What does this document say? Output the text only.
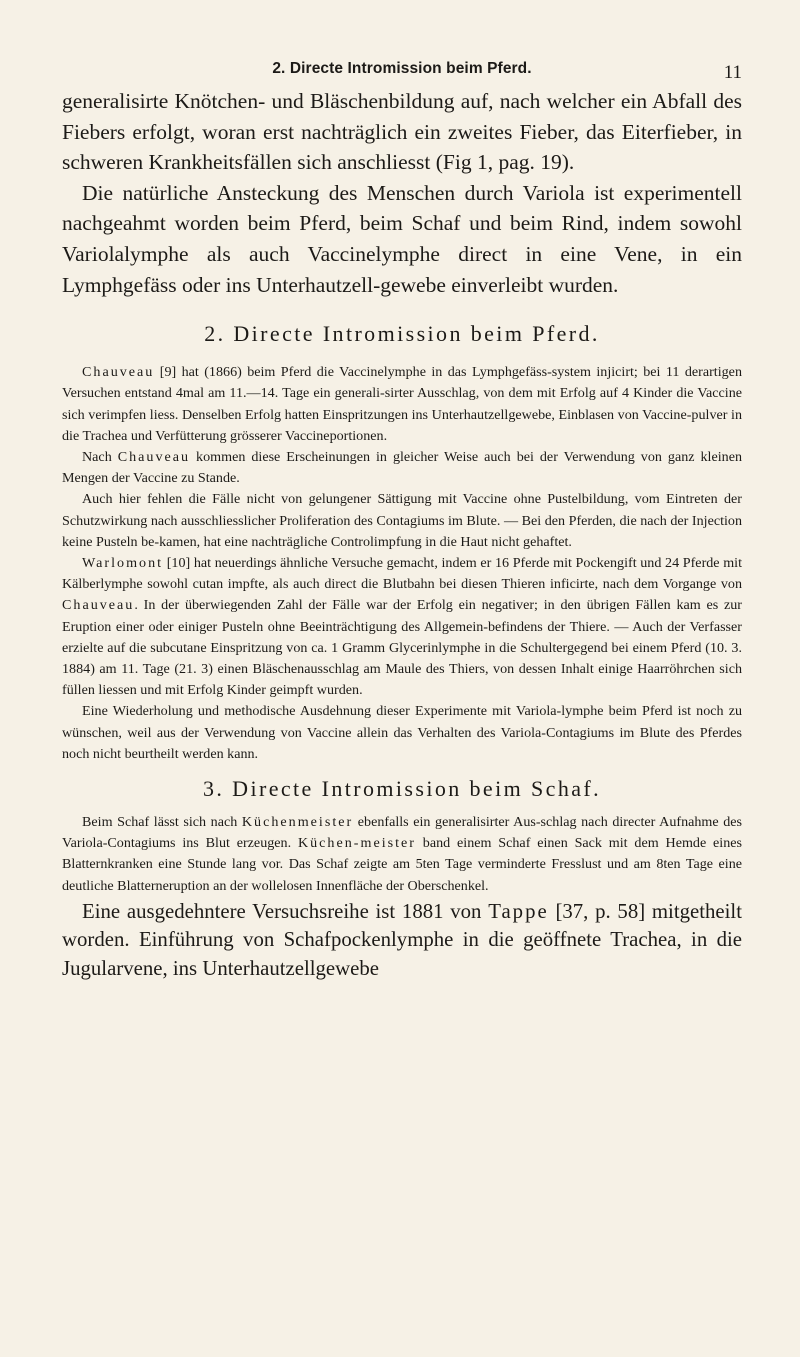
2. Directe Intromission beim Pferd.	11

generalisirte Knötchen- und Bläschenbildung auf, nach welcher ein Abfall des Fiebers erfolgt, woran erst nachträglich ein zweites Fieber, das Eiterfieber, in schweren Krankheitsfällen sich anschliesst (Fig 1, pag. 19).

Die natürliche Ansteckung des Menschen durch Variola ist experimentell nachgeahmt worden beim Pferd, beim Schaf und beim Rind, indem sowohl Variolalymphe als auch Vaccinelymphe direct in eine Vene, in ein Lymphgefäss oder ins Unterhautzell-gewebe einverleibt wurden.

2. Directe Intromission beim Pferd.

Chauveau [9] hat (1866) beim Pferd die Vaccinelymphe in das Lymphgefäss-system injicirt; bei 11 derartigen Versuchen entstand 4mal am 11.—14. Tage ein generali-sirter Ausschlag, von dem mit Erfolg auf 4 Kinder die Vaccine sich verimpfen liess. Denselben Erfolg hatten Einspritzungen ins Unterhautzellgewebe, Einblasen von Vaccine-pulver in die Trachea und Verfütterung grösserer Vaccineportionen.

Nach Chauveau kommen diese Erscheinungen in gleicher Weise auch bei der Verwendung von ganz kleinen Mengen der Vaccine zu Stande.

Auch hier fehlen die Fälle nicht von gelungener Sättigung mit Vaccine ohne Pustelbildung, vom Eintreten der Schutzwirkung nach ausschliesslicher Proliferation des Contagiums im Blute. — Bei den Pferden, die nach der Injection keine Pusteln be-kamen, hat eine nachträgliche Controlimpfung in die Haut nicht gehaftet.

Warlomont [10] hat neuerdings ähnliche Versuche gemacht, indem er 16 Pferde mit Pockengift und 24 Pferde mit Kälberlymphe sowohl cutan impfte, als auch direct die Blutbahn bei diesen Thieren inficirte, nach dem Vorgange von Chauveau. In der überwiegenden Zahl der Fälle war der Erfolg ein negativer; in den übrigen Fällen kam es zur Eruption einer oder einiger Pusteln ohne Beeinträchtigung des Allgemein-befindens der Thiere. — Auch der Verfasser erzielte auf die subcutane Einspritzung von ca. 1 Gramm Glycerinlymphe in die Schultergegend bei einem Pferd (10. 3. 1884) am 11. Tage (21. 3) einen Bläschenausschlag am Maule des Thiers, von dessen Inhalt einige Haarröhrchen sich füllen liessen und mit Erfolg Kinder geimpft wurden.

Eine Wiederholung und methodische Ausdehnung dieser Experimente mit Variola-lymphe beim Pferd ist noch zu wünschen, weil aus der Verwendung von Vaccine allein das Verhalten des Variola-Contagiums im Blute des Pferdes noch nicht beurtheilt werden kann.

3. Directe Intromission beim Schaf.

Beim Schaf lässt sich nach Küchenmeister ebenfalls ein generalisirter Aus-schlag nach directer Aufnahme des Variola-Contagiums ins Blut erzeugen. Küchen-meister band einem Schaf einen Sack mit dem Hemde eines Blatternkranken eine Stunde lang vor. Das Schaf zeigte am 5ten Tage verminderte Fresslust und am 8ten Tage eine deutliche Blatterneruption an der wollelosen Innenfläche der Oberschenkel.

Eine ausgedehntere Versuchsreihe ist 1881 von Tappe [37, p. 58] mitgetheilt worden. Einführung von Schafpockenlymphe in die geöffnete Trachea, in die Jugularvene, ins Unterhautzellgewebe
